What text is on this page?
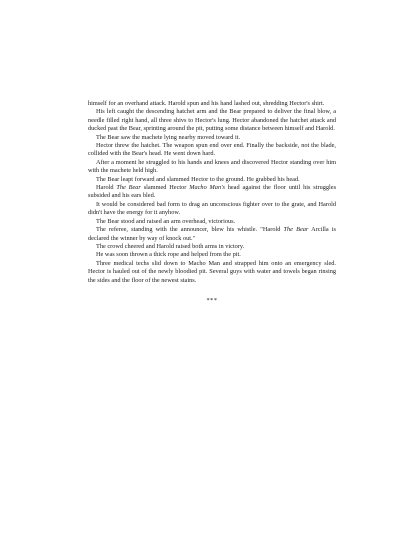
himself for an overhand attack. Harold spun and his hand lashed out, shredding Hector's shirt.

His left caught the descending hatchet arm and the Bear prepared to deliver the final blow, a needle filled right hand, all three shivs to Hector's lung. Hector abandoned the hatchet attack and ducked past the Bear, sprinting around the pit, putting some distance between himself and Harold.

The Bear saw the machete lying nearby moved toward it.

Hector threw the hatchet. The weapon spun end over end. Finally the backside, not the blade, collided with the Bear's head. He went down hard.

After a moment he struggled to his hands and knees and discovered Hector standing over him with the machete held high.

The Bear leapt forward and slammed Hector to the ground. He grabbed his head.

Harold The Bear slammed Hector Macho Man's head against the floor until his struggles subsided and his ears bled.

It would be considered bad form to drag an unconscious fighter over to the grate, and Harold didn't have the energy for it anyhow.

The Bear stood and raised an arm overhead, victorious.

The referee, standing with the announcer, blew his whistle. "Harold The Bear Arcilla is declared the winner by way of knock out."

The crowd cheered and Harold raised both arms in victory.

He was soon thrown a thick rope and helped from the pit.

Three medical techs slid down to Macho Man and strapped him onto an emergency sled. Hector is hauled out of the newly bloodied pit. Several guys with water and towels began rinsing the sides and the floor of the newest stains.

***
